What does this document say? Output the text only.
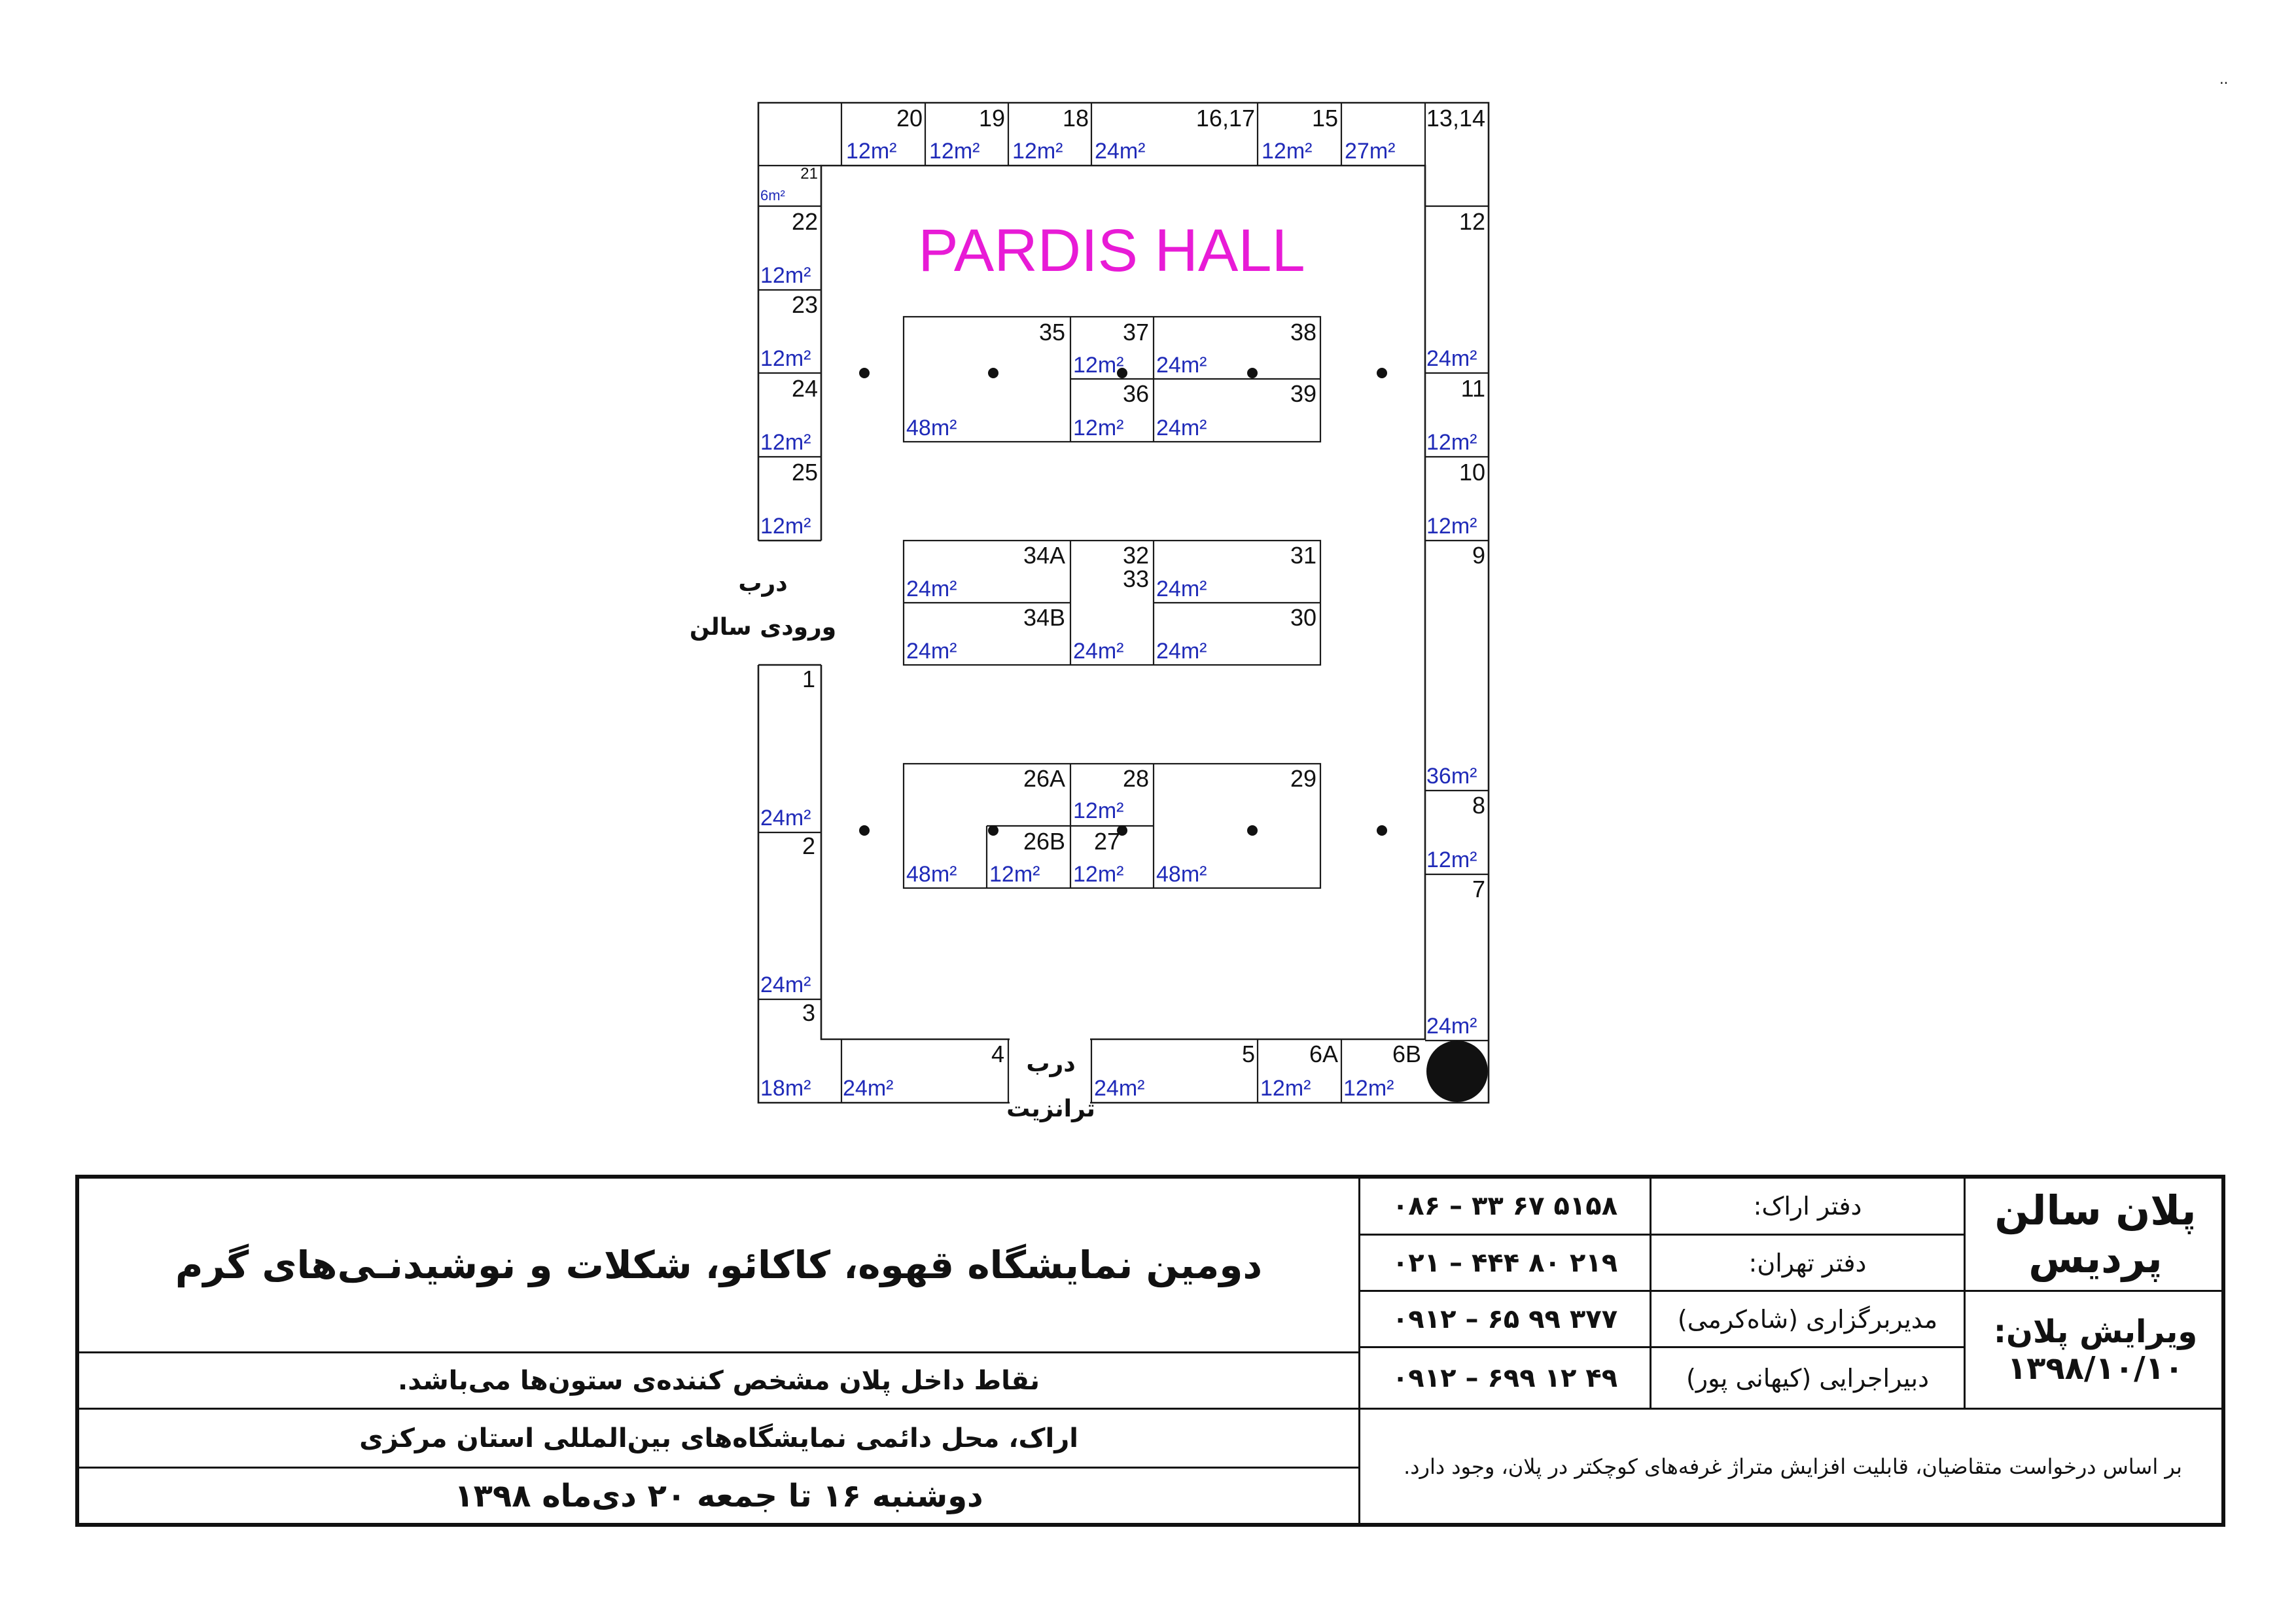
..
PARDIS HALL
20
12m²
19
12m²
18
12m²
16,17
24m²
15
12m²
13,14
27m²
21
6m²
22
12m²
23
12m²
24
12m²
25
12m²
1
24m²
2
24m²
3
18m²
12
24m²
11
12m²
10
12m²
9
36m²
8
12m²
7
24m²
4
24m²
5
24m²
6A
12m²
6B
12m²
35
48m²
37
12m²
36
12m²
38
24m²
39
24m²
34A
24m²
34B
24m²
32
33
24m²
31
24m²
30
24m²
26A
48m²
26B
12m²
28
12m²
27
12m²
29
48m²
درب
ورودی سالن
درب
ترانزیت
پلان سالن
پردیس
ویرایش پلان:
۱۳۹۸/۱۰/۱۰
دفتر اراک:
۰۸۶ – ۳۳ ۶۷ ۵۱۵۸
دفتر تهران:
۰۲۱ – ۴۴۴ ۸۰ ۲۱۹
مدیربرگزاری (شاه‌کرمی)
۰۹۱۲ – ۶۵ ۹۹ ۳۷۷
دبیراجرایی (کیهانی پور)
۰۹۱۲ – ۶۹۹ ۱۲ ۴۹
بر اساس درخواست متقاضیان، قابلیت افزایش متراژ غرفه‌های کوچکتر در پلان، وجود دارد.
دومین نمایشگاه قهوه، کاکائو، شکلات و نوشیدنـی‌های گرم
نقاط داخل پلان مشخص کننده‌ی ستون‌ها می‌باشد.
اراک، محل دائمی نمایشگاه‌های بین‌المللی استان مرکزی
دوشنبه ۱۶ تا جمعه ۲۰ دی‌ماه ۱۳۹۸
